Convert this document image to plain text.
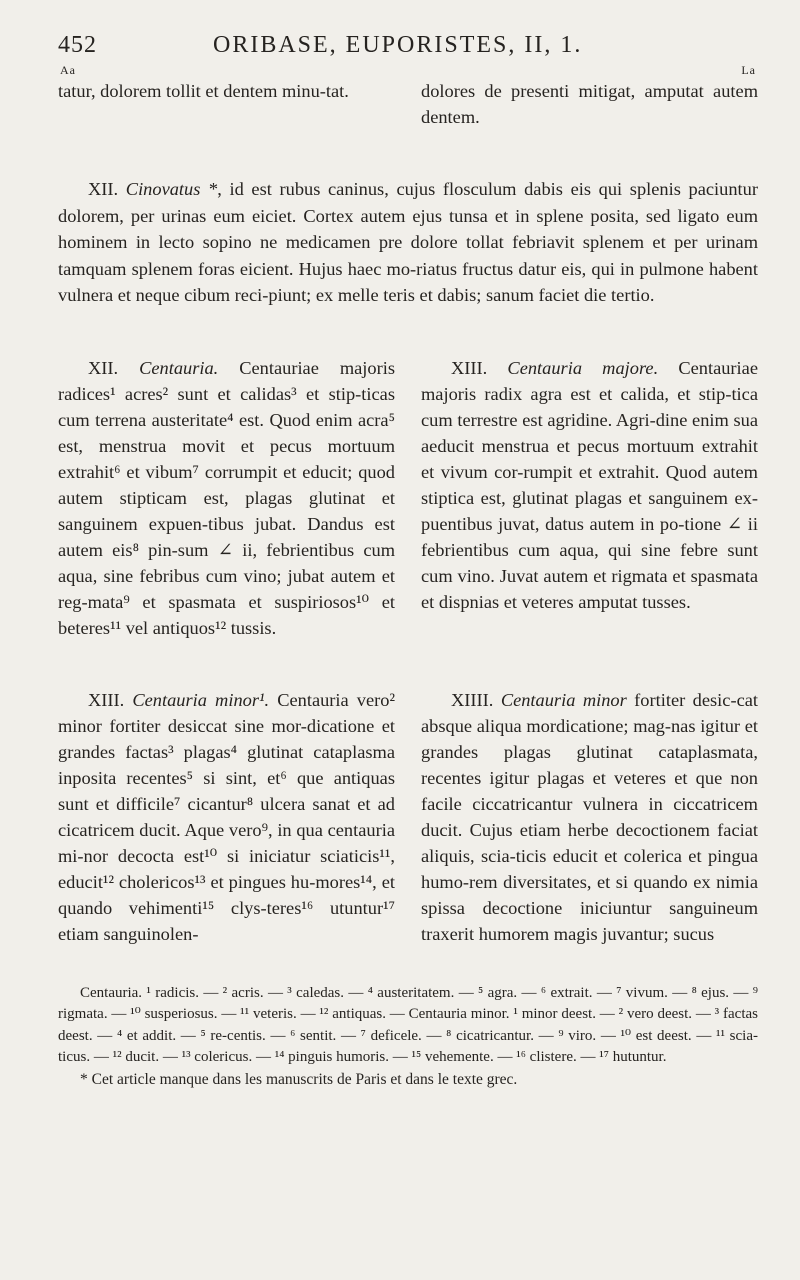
452	ORIBASE, EUPORISTES, II, 1.
Aa	La

tatur, dolorem tollit et dentem minu-tat.	dolores de presenti mitigat, amputat autem dentem.

XII. Cinovatus *, id est rubus caninus, cujus flosculum dabis eis qui splenis paciuntur dolorem, per urinas eum eiciet. Cortex autem ejus tunsa et in splene posita, sed ligato eum hominem in lecto sopino ne medicamen pre dolore tollat febriavit splenem et per urinam tamquam splenem foras eicient. Hujus haec mo-riatus fructus datur eis, qui in pulmone habent vulnera et neque cibum reci-piunt; ex melle teris et dabis; sanum faciet die tertio.

XII. Centauria. Centauriae majoris radices¹ acres² sunt et calidas³ et stip-ticas cum terrena austeritate⁴ est. Quod enim acra⁵ est, menstrua movit et pecus mortuum extrahit⁶ et vibum⁷ corrumpit et educit; quod autem stipticam est, plagas glutinat et sanguinem expuen-tibus jubat. Dandus est autem eis⁸ pin-sum ∠ ii, febrientibus cum aqua, sine febribus cum vino; jubat autem et reg-mata⁹ et spasmata et suspiriosos¹⁰ et beteres¹¹ vel antiquos¹² tussis.

XIII. Centauria majore. Centauriae majoris radix agra est et calida, et stip-tica cum terrestre est agridine. Agri-dine enim sua aeducit menstrua et pecus mortuum extrahit et vivum cor-rumpit et extrahit. Quod autem stiptica est, glutinat plagas et sanguinem ex-puentibus juvat, datus autem in po-tione ∠ ii febrientibus cum aqua, qui sine febre sunt cum vino. Juvat autem et rigmata et spasmata et dispnias et veteres amputat tusses.

XIII. Centauria minor¹. Centauria vero² minor fortiter desiccat sine mor-dicatione et grandes factas³ plagas⁴ glutinat cataplasma inposita recentes⁵ si sint, et⁶ que antiquas sunt et difficile⁷ cicantur⁸ ulcera sanat et ad cicatricem ducit. Aque vero⁹, in qua centauria mi-nor decocta est¹⁰ si iniciatur sciaticis¹¹, educit¹² cholericos¹³ et pingues hu-mores¹⁴, et quando vehimenti¹⁵ clys-teres¹⁶ utuntur¹⁷ etiam sanguinolen-

XIIII. Centauria minor fortiter desic-cat absque aliqua mordicatione; mag-nas igitur et grandes plagas glutinat cataplasmata, recentes igitur plagas et veteres et que non facile ciccatricantur vulnera in ciccatricem ducit. Cujus etiam herbe decoctionem faciat aliquis, scia-ticis educit et colerica et pingua humo-rem diversitates, et si quando ex nimia spissa decoctione iniciuntur sanguineum traxerit humorem magis juvantur; sucus

Centauria. ¹ radicis. — ² acris. — ³ caledas. — ⁴ austeritatem. — ⁵ agra. — ⁶ extrait. — ⁷ vivum. — ⁸ ejus. — ⁹ rigmata. — ¹⁰ susperiosus. — ¹¹ veteris. — ¹² antiquas. — Centauria minor. ¹ minor deest. — ² vero deest. — ³ factas deest. — ⁴ et addit. — ⁵ re-centis. — ⁶ sentit. — ⁷ deficele. — ⁸ cicatricantur. — ⁹ viro. — ¹⁰ est deest. — ¹¹ scia-ticus. — ¹² ducit. — ¹³ colericus. — ¹⁴ pinguis humoris. — ¹⁵ vehemente. — ¹⁶ clistere. — ¹⁷ hutuntur.

* Cet article manque dans les manuscrits de Paris et dans le texte grec.
